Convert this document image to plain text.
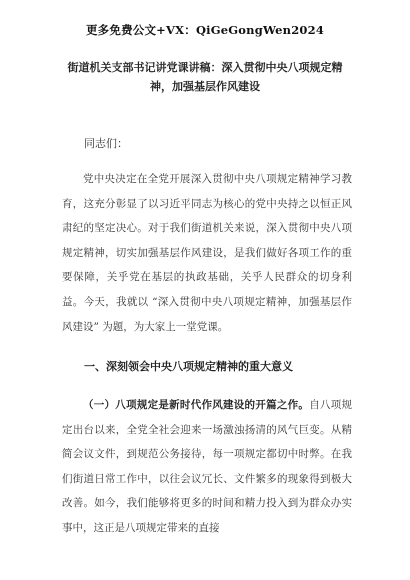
更多免费公文+VX：QiGeGongWen2024
街道机关支部书记讲党课讲稿：深入贯彻中央八项规定精神，加强基层作风建设
同志们：

党中央决定在全党开展深入贯彻中央八项规定精神学习教育，这充分彰显了以习近平同志为核心的党中央持之以恒正风肃纪的坚定决心。对于我们街道机关来说，深入贯彻中央八项规定精神，切实加强基层作风建设，是我们做好各项工作的重要保障，关乎党在基层的执政基础，关乎人民群众的切身利益。今天，我就以 “深入贯彻中央八项规定精神，加强基层作风建设” 为题，为大家上一堂党课。

一、深刻领会中央八项规定精神的重大意义

（一）八项规定是新时代作风建设的开篇之作。自八项规定出台以来，全党全社会迎来一场激浊扬清的风气巨变。从精简会议文件，到规范公务接待，每一项规定都切中时弊。在我们街道日常工作中，以往会议冗长、文件繁多的现象得到极大改善。如今，我们能够将更多的时间和精力投入到为群众办实事中，这正是八项规定带来的直接
